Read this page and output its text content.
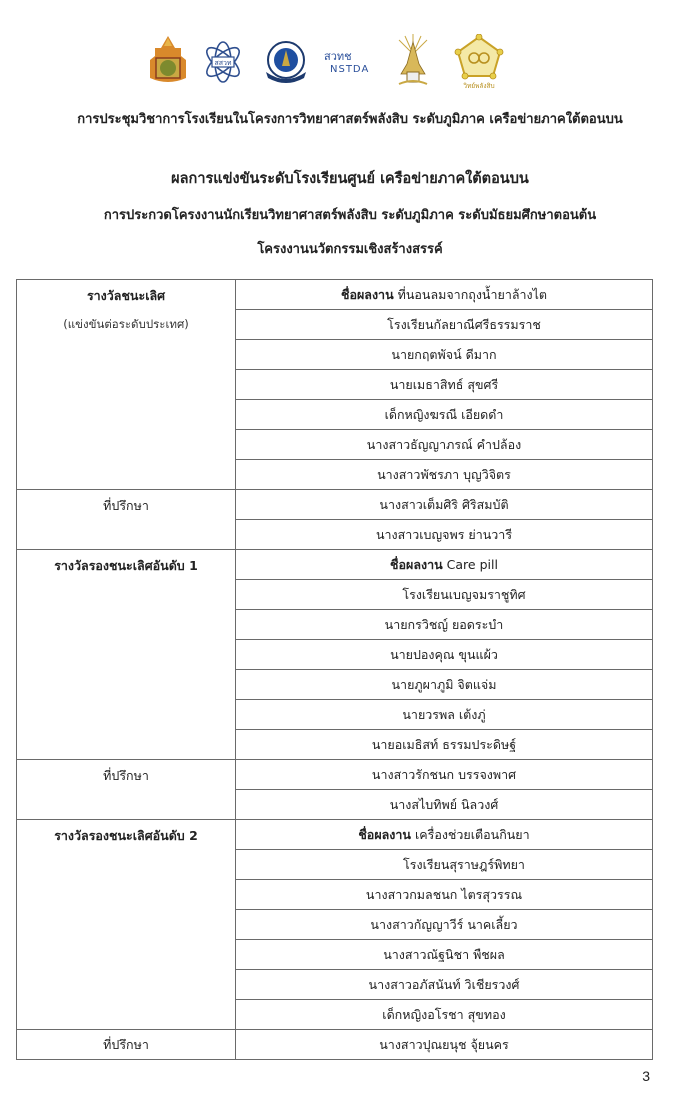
สสวท	สวทช
NSTDA
วิทย์พลังสิบ
การประชุมวิชาการโรงเรียนในโครงการวิทยาศาสตร์พลังสิบ ระดับภูมิภาค เครือข่ายภาคใต้ตอนบน
ผลการแข่งขันระดับโรงเรียนศูนย์ เครือข่ายภาคใต้ตอนบน
การประกวดโครงงานนักเรียนวิทยาศาสตร์พลังสิบ ระดับภูมิภาค ระดับมัธยมศึกษาตอนต้น
โครงงานนวัตกรรมเชิงสร้างสรรค์
รางวัลชนะเลิศ
(แข่งขันต่อระดับประเทศ)	ชื่อผลงาน ที่นอนลมจากถุงน้ำยาล้างไต
	โรงเรียนกัลยาณีศรีธรรมราช
	นายกฤตพัจน์ ดีมาก
	นายเมธาสิทธ์ สุขศรี
	เด็กหญิงฆรณี เอียดดำ
	นางสาวธัญญาภรณ์ คำปล้อง
	นางสาวพัชรภา บุญวิจิตร

ที่ปรึกษา	นางสาวเต็มศิริ ศิริสมบัติ
	นางสาวเบญจพร ย่านวารี

รางวัลรองชนะเลิศอันดับ 1	ชื่อผลงาน Care pill
	โรงเรียนเบญจมราชูทิศ
	นายกรวิชญ์ ยอดระบำ
	นายปองคุณ ขุนแผ้ว
	นายภูผาภูมิ จิตแจ่ม
	นายวรพล เต้งภู่
	นายอเมธิสท์ ธรรมประดิษฐ์

ที่ปรึกษา	นางสาวรักชนก บรรจงพาศ
	นางสไบทิพย์ นิลวงศ์

รางวัลรองชนะเลิศอันดับ 2	ชื่อผลงาน เครื่องช่วยเตือนกินยา
	โรงเรียนสุราษฎร์พิทยา
	นางสาวกมลชนก ไตรสุวรรณ
	นางสาวกัญญาวีร์ นาคเลี้ยว
	นางสาวณัฐนิชา พืชผล
	นางสาวอภัสนันท์ วิเชียรวงศ์
	เด็กหญิงอโรชา สุขทอง

ที่ปรึกษา	นางสาวปุณยนุช จุ้ยนคร
3
